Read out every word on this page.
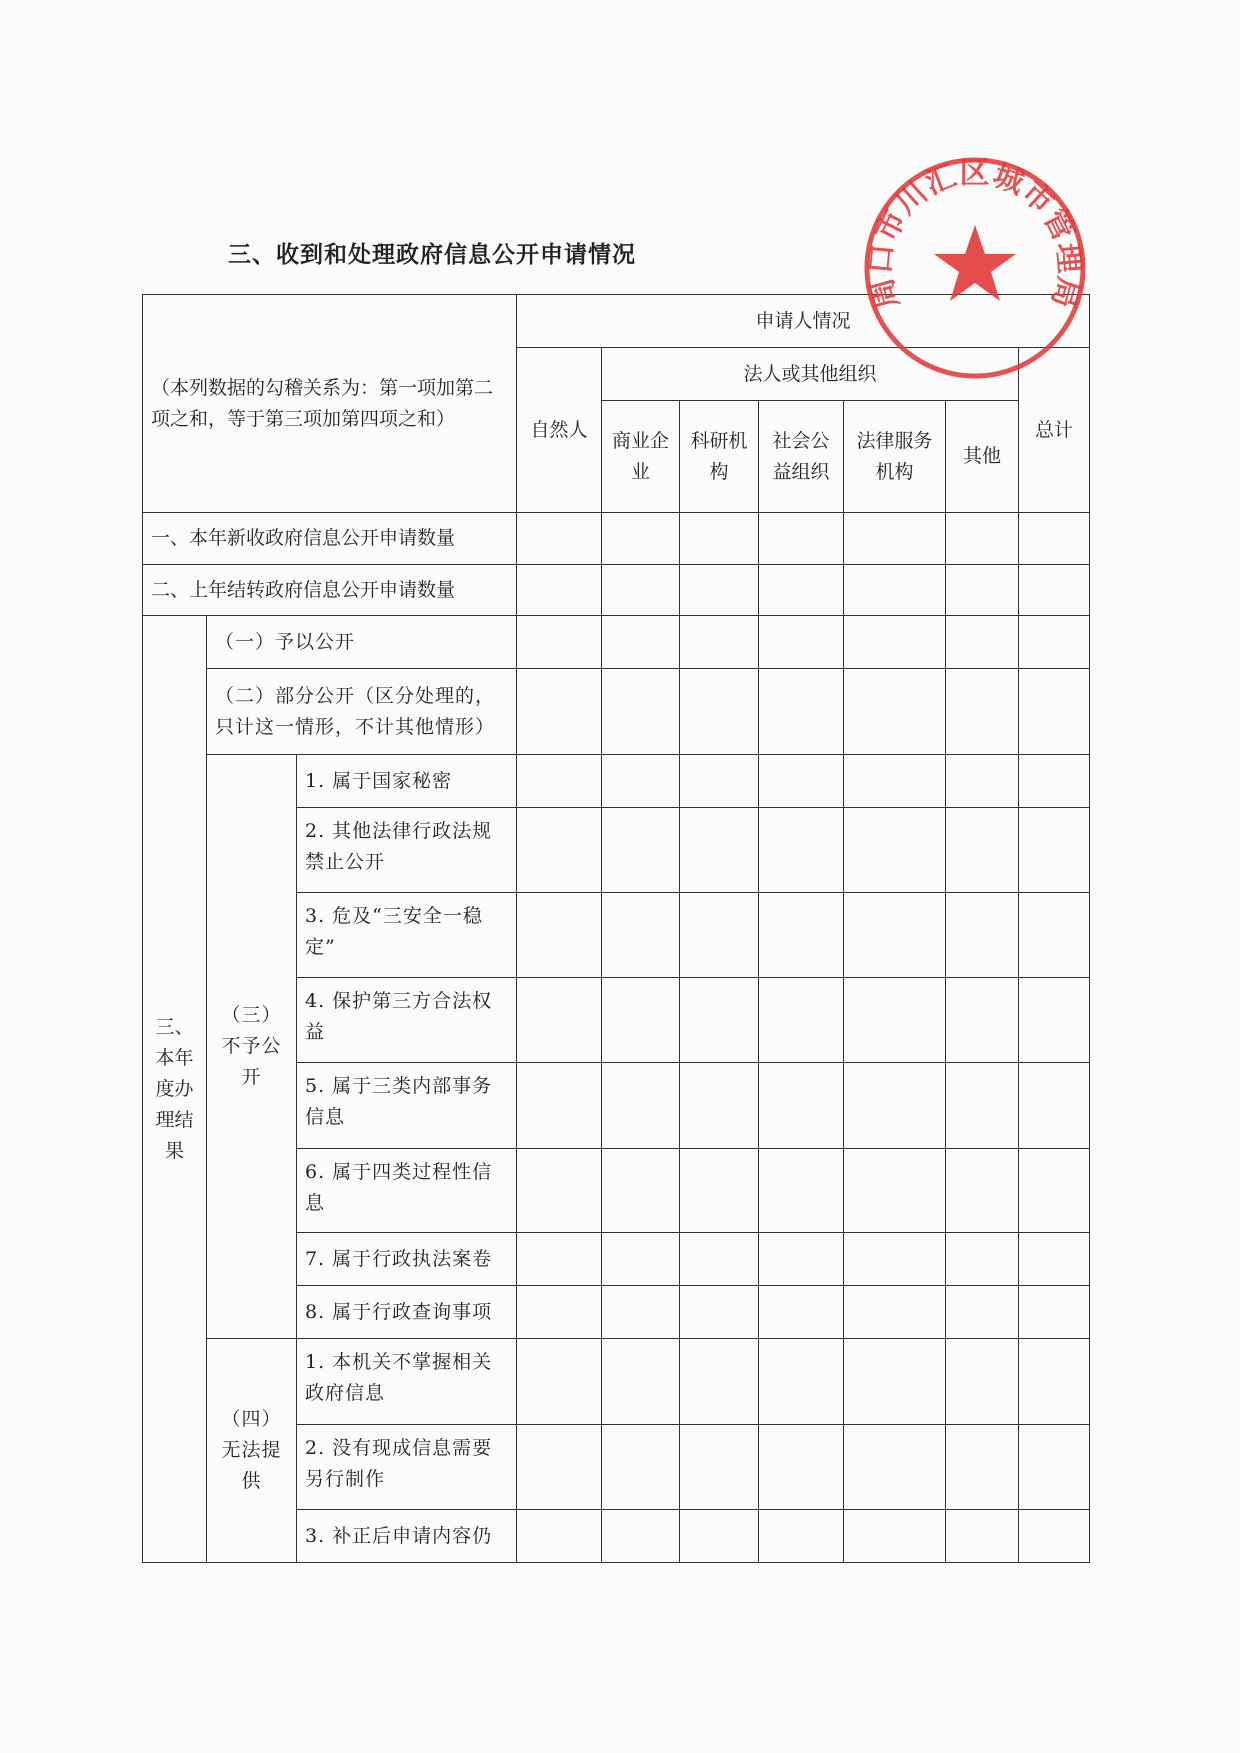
三、收到和处理政府信息公开申请情况
（本列数据的勾稽关系为：第一项加第二项之和，等于第三项加第四项之和）			申请人情况						
			自然人	法人或其他组织					总计
				商业企业	科研机构	社会公益组织	法律服务机构	其他	

一、本年新收政府信息公开申请数量									
二、上年结转政府信息公开申请数量									
三、本年度办理结果	（一）予以公开								
	（二）部分公开（区分处理的，只计这一情形，不计其他情形）								
	（三）不予公开	1. 属于国家秘密							
		2. 其他法律行政法规禁止公开							
		3. 危及“三安全一稳定”							
		4. 保护第三方合法权益							
		5. 属于三类内部事务信息							
		6. 属于四类过程性信息							
		7. 属于行政执法案卷							
		8. 属于行政查询事项							
	（四）无法提供	1. 本机关不掌握相关政府信息							
		2. 没有现成信息需要另行制作							
		3. 补正后申请内容仍							
周口市川汇区城市管理局
